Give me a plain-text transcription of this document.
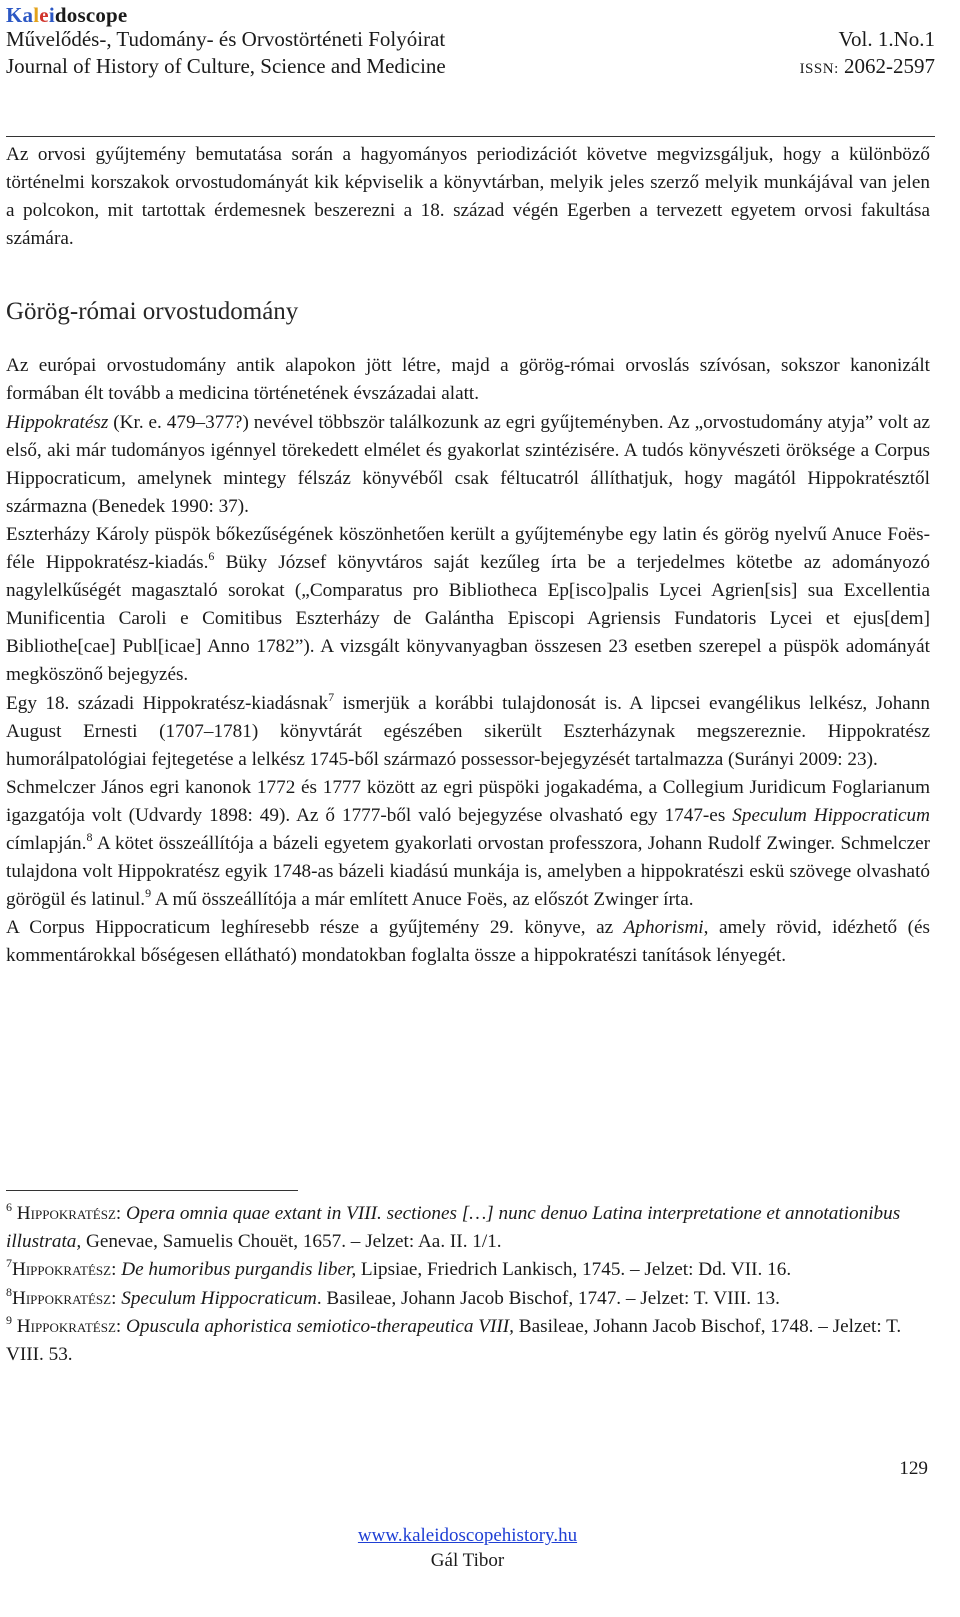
Kaleidoscope
Művelődés-, Tudomány- és Orvostörténeti Folyóirat	Vol. 1.No.1
Journal of History of Culture, Science and Medicine	ISSN: 2062-2597

Az orvosi gyűjtemény bemutatása során a hagyományos periodizációt követve megvizsgáljuk, hogy a különböző történelmi korszakok orvostudományát kik képviselik a könyvtárban, melyik jeles szerző melyik munkájával van jelen a polcokon, mit tartottak érdemesnek beszerezni a 18. század végén Egerben a tervezett egyetem orvosi fakultása számára.

Görög-római orvostudomány

Az európai orvostudomány antik alapokon jött létre, majd a görög-római orvoslás szívósan, sokszor kanonizált formában élt tovább a medicina történetének évszázadai alatt.
Hippokratész (Kr. e. 479–377?) nevével többször találkozunk az egri gyűjteményben. Az „orvostudomány atyja” volt az első, aki már tudományos igénnyel törekedett elmélet és gyakorlat szintézisére. A tudós könyvészeti öröksége a Corpus Hippocraticum, amelynek mintegy félszáz könyvéből csak féltucatról állíthatjuk, hogy magától Hippokratésztől származna (Benedek 1990: 37).

Eszterházy Károly püspök bőkezűségének köszönhetően került a gyűjteménybe egy latin és görög nyelvű Anuce Foës-féle Hippokratész-kiadás.$^6$ Büky József könyvtáros saját kezűleg írta be a terjedelmes kötetbe az adományozó nagylelkűségét magasztaló sorokat („Comparatus pro Bibliotheca Ep[isco]palis Lycei Agrien[sis] sua Excellentia Munificentia Caroli e Comitibus Eszterházy de Galántha Episcopi Agriensis Fundatoris Lycei et ejus[dem] Bibliothe[cae] Publ[icae] Anno 1782”). A vizsgált könyvanyagban összesen 23 esetben szerepel a püspök adományát megköszönő bejegyzés.

Egy 18. századi Hippokratész-kiadásnak$^7$ ismerjük a korábbi tulajdonosát is. A lipcsei evangélikus lelkész, Johann August Ernesti (1707–1781) könyvtárát egészében sikerült Eszterházynak megszereznie. Hippokratész humorálpatológiai fejtegetése a lelkész 1745-ből származó possessor-bejegyzését tartalmazza (Surányi 2009: 23).

Schmelczer János egri kanonok 1772 és 1777 között az egri püspöki jogakadéma, a Collegium Juridicum Foglarianum igazgatója volt (Udvardy 1898: 49). Az ő 1777-ből való bejegyzése olvasható egy 1747-es Speculum Hippocraticum címlapján.$^8$ A kötet összeállítója a bázeli egyetem gyakorlati orvostan professzora, Johann Rudolf Zwinger. Schmelczer tulajdona volt Hippokratész egyik 1748-as bázeli kiadású munkája is, amelyben a hippokratészi eskü szövege olvasható görögül és latinul.$^9$ A mű összeállítója a már említett Anuce Foës, az előszót Zwinger írta.

A Corpus Hippocraticum leghíresebb része a gyűjtemény 29. könyve, az Aphorismi, amely rövid, idézhető (és kommentárokkal bőségesen ellátható) mondatokban foglalta össze a hippokratészi tanítások lényegét.

$^6$ Hippokratész: Opera omnia quae extant in VIII. sectiones […] nunc denuo Latina interpretatione et annotationibus illustrata, Genevae, Samuelis Chouët, 1657. – Jelzet: Aa. II. 1/1.

$^7$Hippokratész: De humoribus purgandis liber, Lipsiae, Friedrich Lankisch, 1745. – Jelzet: Dd. VII. 16.

$^8$Hippokratész: Speculum Hippocraticum. Basileae, Johann Jacob Bischof, 1747. – Jelzet: T. VIII. 13.

$^9$ Hippokratész: Opuscula aphoristica semiotico-therapeutica VIII, Basileae, Johann Jacob Bischof, 1748. – Jelzet: T. VIII. 53.

129
www.kaleidoscopehistory.hu
Gál Tibor
